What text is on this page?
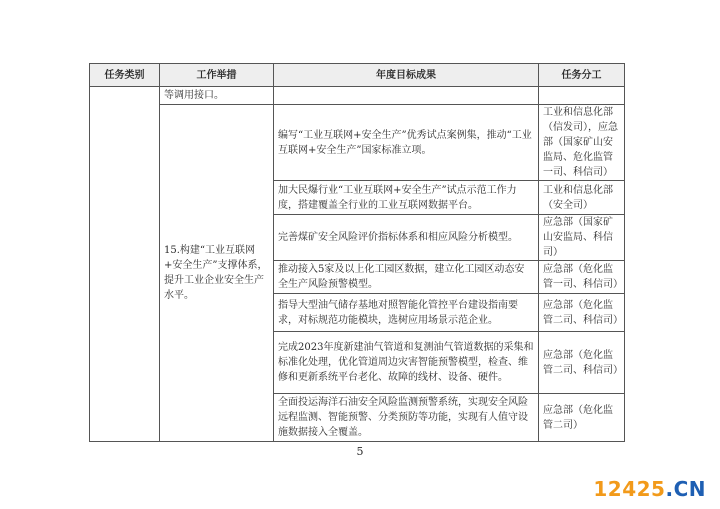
任务类别	工作举措	年度目标成果	任务分工
	等调用接口。		
	15.构建“工业互联网+安全生产”支撑体系，提升工业企业安全生产水平。	编写“工业互联网+安全生产”优秀试点案例集，推动“工业互联网+安全生产”国家标准立项。	工业和信息化部（信发司），应急部（国家矿山安监局、危化监管一司、科信司）
		加大民爆行业“工业互联网+安全生产”试点示范工作力度，搭建覆盖全行业的工业互联网数据平台。	工业和信息化部（安全司）
		完善煤矿安全风险评价指标体系和相应风险分析模型。	应急部（国家矿山安监局、科信司）
		推动接入5家及以上化工园区数据，建立化工园区动态安全生产风险预警模型。	应急部（危化监管一司、科信司）
		指导大型油气储存基地对照智能化管控平台建设指南要求，对标规范功能模块，选树应用场景示范企业。	应急部（危化监管二司、科信司）
		完成2023年度新建油气管道和复测油气管道数据的采集和标准化处理，优化管道周边灾害智能预警模型，检查、维修和更新系统平台老化、故障的线材、设备、硬件。	应急部（危化监管二司、科信司）
		全面投运海洋石油安全风险监测预警系统，实现安全风险远程监测、智能预警、分类预防等功能，实现有人值守设施数据接入全覆盖。	应急部（危化监管二司）
5
12425.CN
